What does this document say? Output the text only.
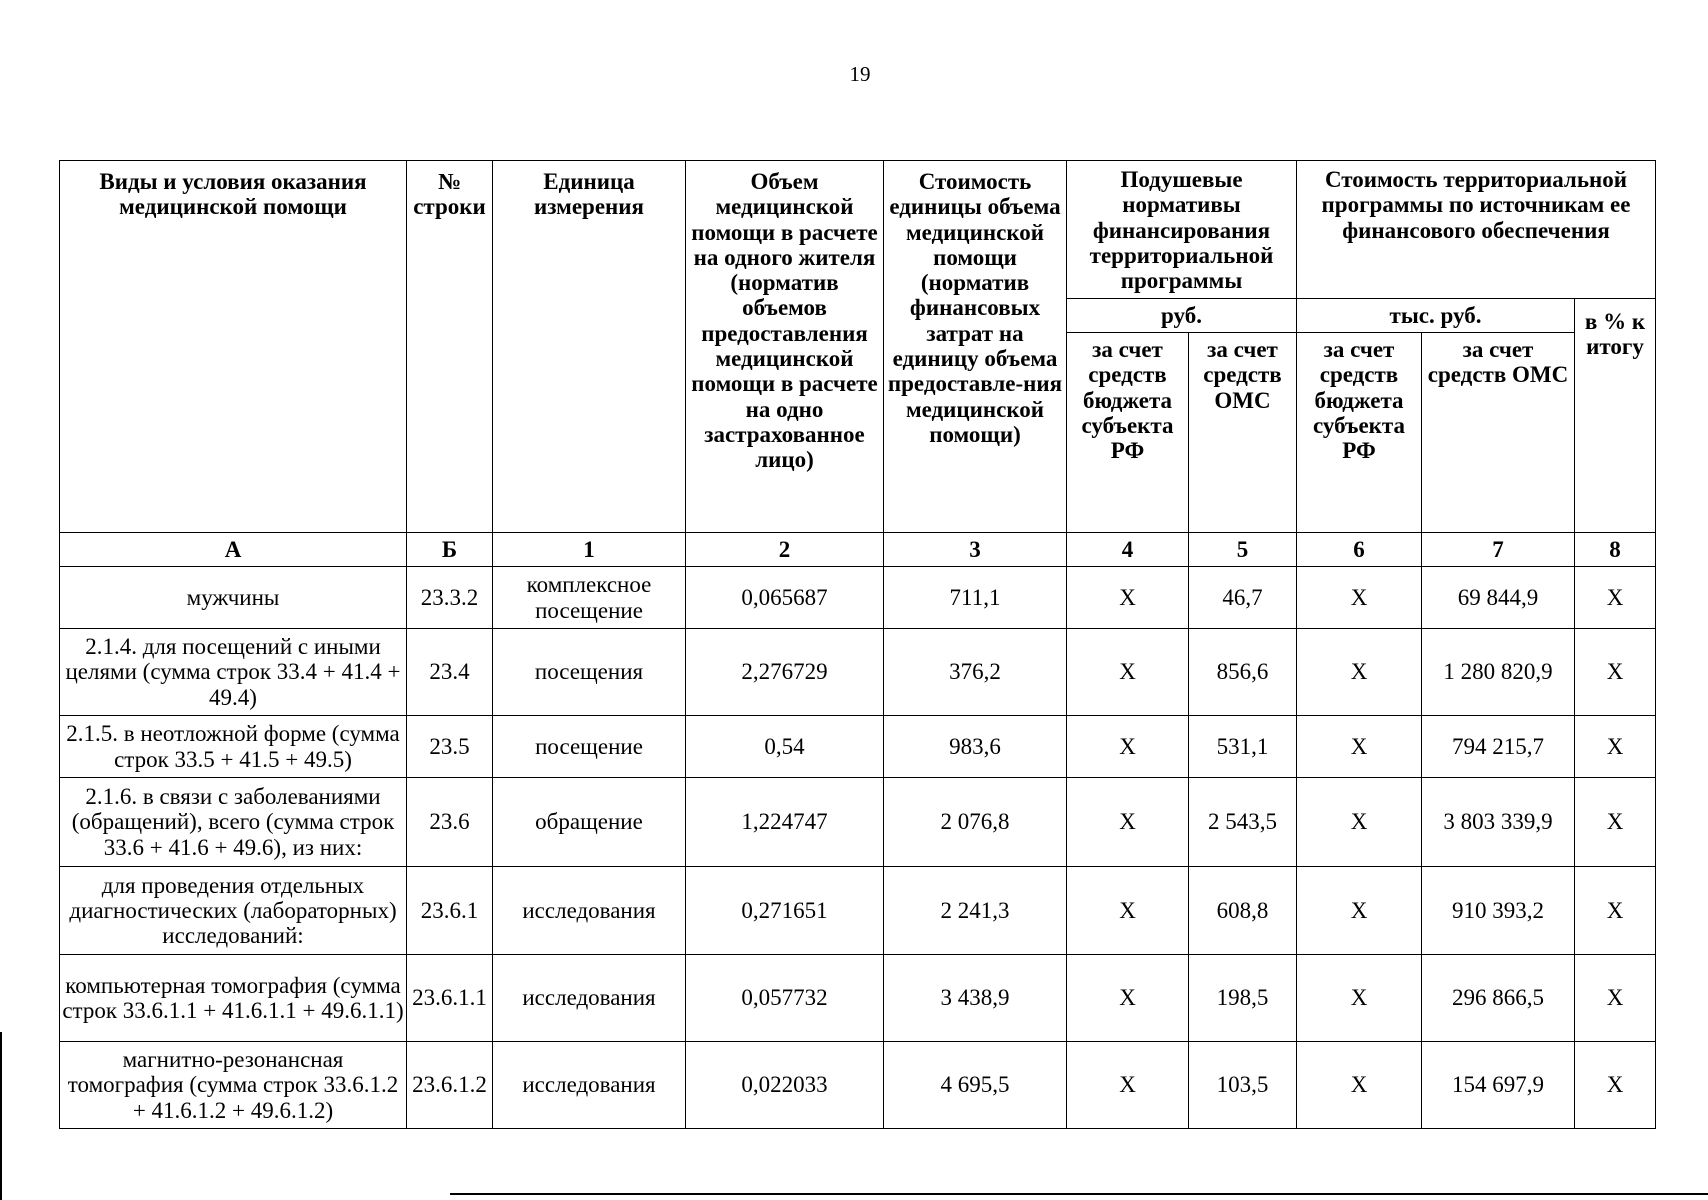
19
Виды и условия оказания медицинской помощи	№ строки	Единица измерения	Объем медицинской помощи в расчете на одного жителя (норматив объемов предоставления медицинской помощи в расчете на одно застрахованное лицо)	Стоимость единицы объема медицинской помощи (норматив финансовых затрат на единицу объема предоставле-ния медицинской помощи)	Подушевые нормативы финансирования территориальной программы		Стоимость территориальной программы по источникам ее финансового обеспечения		
					руб.		тыс. руб.		в % к итогу
					за счет средств бюджета субъекта РФ	за счет средств ОМС	за счет средств бюджета субъекта РФ	за счет средств ОМС	
А	Б	1	2	3	4	5	6	7	8
мужчины	23.3.2	комплексное посещение	0,065687	711,1	Х	46,7	Х	69 844,9	Х
2.1.4. для посещений с иными целями (сумма строк 33.4 + 41.4 + 49.4)	23.4	посещения	2,276729	376,2	Х	856,6	Х	1 280 820,9	Х
2.1.5. в неотложной форме (сумма строк 33.5 + 41.5 + 49.5)	23.5	посещение	0,54	983,6	Х	531,1	Х	794 215,7	Х
2.1.6. в связи с заболеваниями (обращений), всего (сумма строк 33.6 + 41.6 + 49.6), из них:	23.6	обращение	1,224747	2 076,8	Х	2 543,5	Х	3 803 339,9	Х
для проведения отдельных диагностических (лабораторных) исследований:	23.6.1	исследования	0,271651	2 241,3	Х	608,8	Х	910 393,2	Х
компьютерная томография (сумма строк 33.6.1.1 + 41.6.1.1 + 49.6.1.1)	23.6.1.1	исследования	0,057732	3 438,9	Х	198,5	Х	296 866,5	Х
магнитно-резонансная томография (сумма строк 33.6.1.2 + 41.6.1.2 + 49.6.1.2)	23.6.1.2	исследования	0,022033	4 695,5	Х	103,5	Х	154 697,9	Х
